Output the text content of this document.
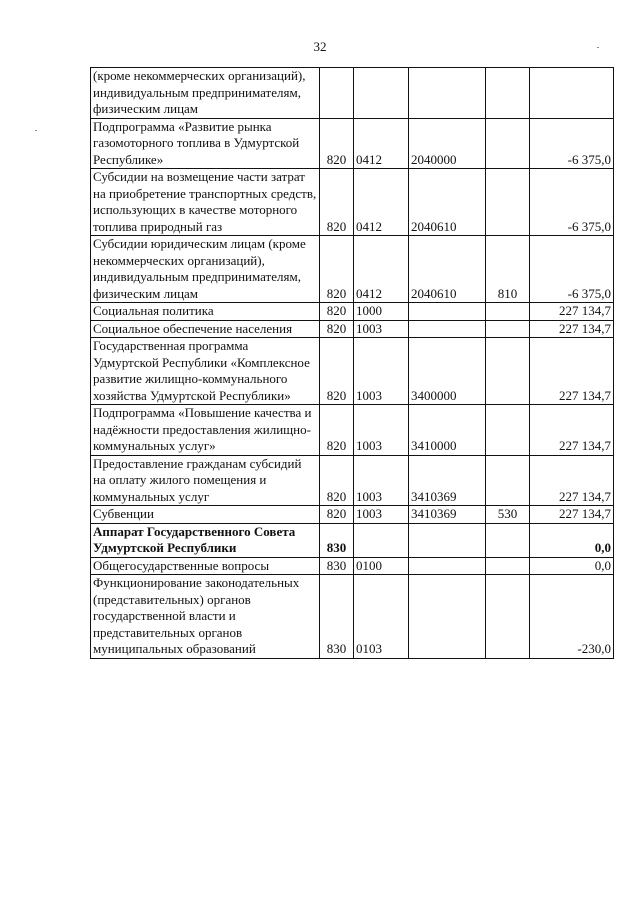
32
(кроме некоммерческих организаций), индивидуальным предпринимателям, физическим лицам					
Подпрограмма «Развитие рынка газомоторного топлива в Удмуртской Республике»	820	0412	2040000		-6 375,0
Субсидии на возмещение части затрат на приобретение транспортных средств, использующих в качестве моторного топлива природный газ	820	0412	2040610		-6 375,0
Субсидии юридическим лицам (кроме некоммерческих организаций), индивидуальным предпринимателям, физическим лицам	820	0412	2040610	810	-6 375,0
Социальная политика	820	1000			227 134,7
Социальное обеспечение населения	820	1003			227 134,7
Государственная программа Удмуртской Республики «Комплексное развитие жилищно-коммунального хозяйства Удмуртской Республики»	820	1003	3400000		227 134,7
Подпрограмма «Повышение качества и надёжности предоставления жилищно-коммунальных услуг»	820	1003	3410000		227 134,7
Предоставление гражданам субсидий на оплату жилого помещения и коммунальных услуг	820	1003	3410369		227 134,7
Субвенции	820	1003	3410369	530	227 134,7
Аппарат Государственного Совета Удмуртской Республики	830				0,0
Общегосударственные вопросы	830	0100			0,0
Функционирование законодательных (представительных) органов государственной власти и представительных органов муниципальных образований	830	0103			-230,0
